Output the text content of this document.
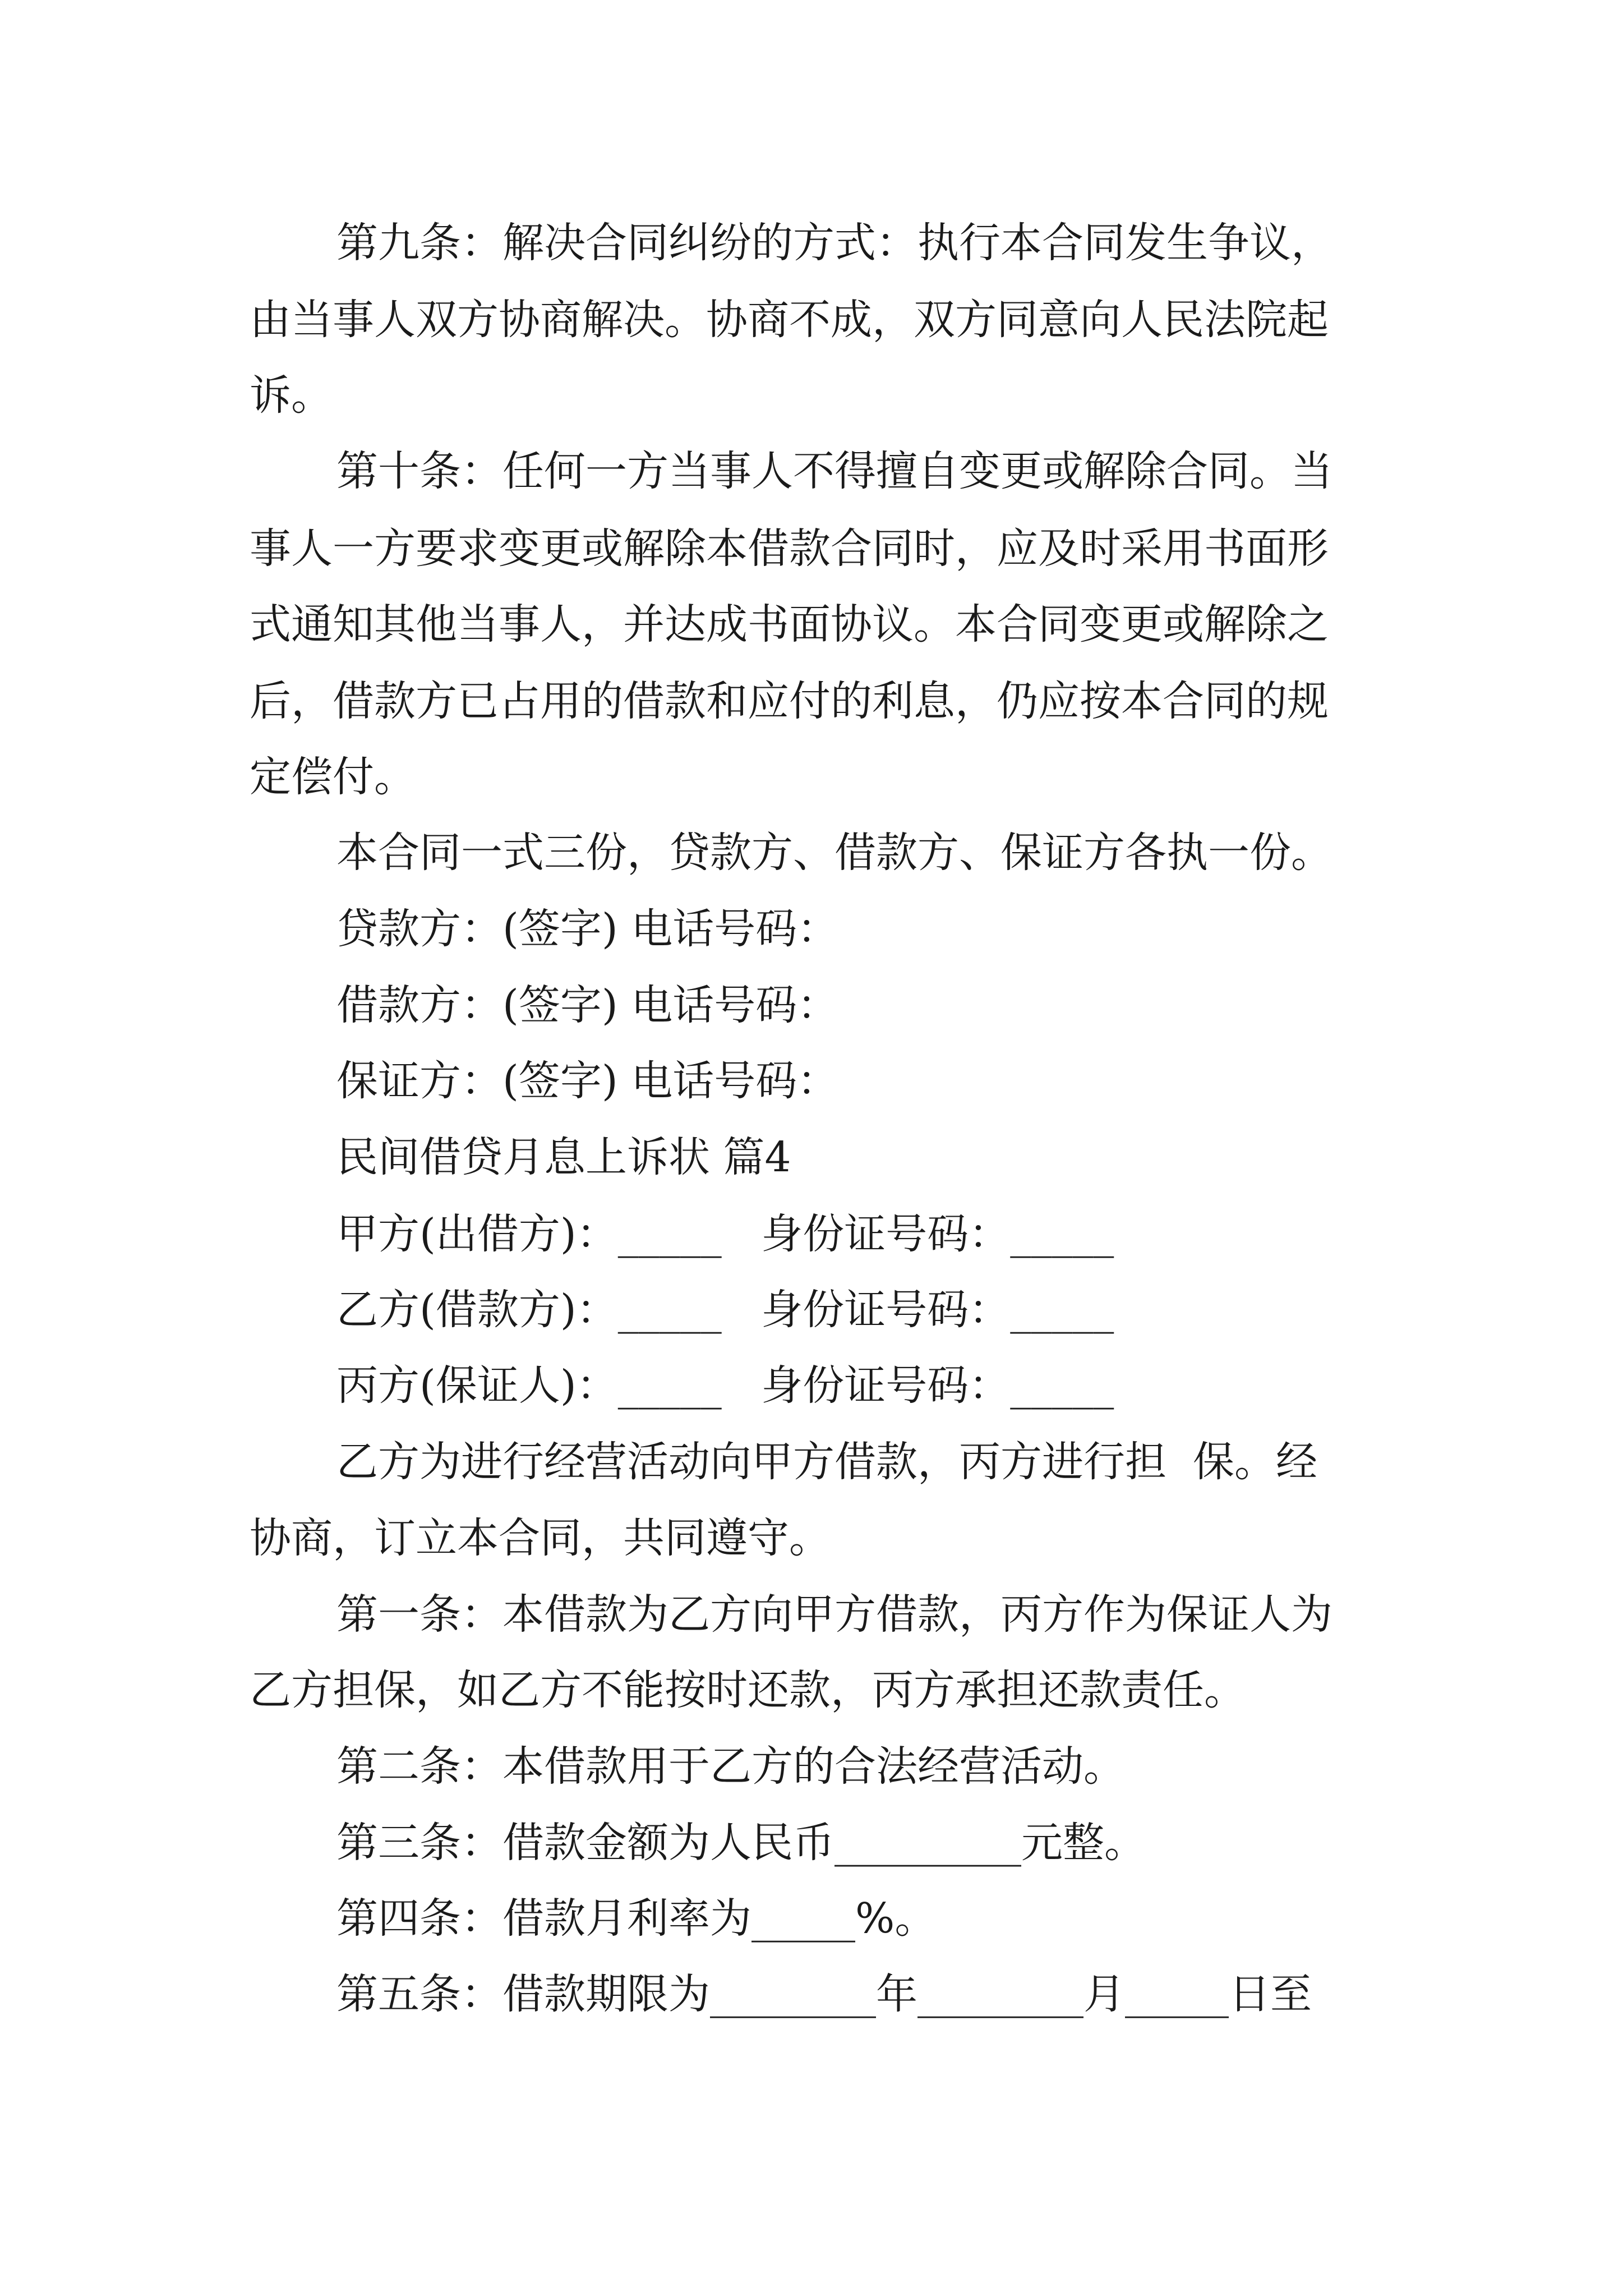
第九条：解决合同纠纷的方式：执行本合同发生争议，
由当事人双方协商解决。协商不成，双方同意向人民法院起
诉。
第十条：任何一方当事人不得擅自变更或解除合同。当
事人一方要求变更或解除本借款合同时，应及时采用书面形
式通知其他当事人，并达成书面协议。本合同变更或解除之
后，借款方已占用的借款和应付的利息，仍应按本合同的规
定偿付。
本合同一式三份，贷款方、借款方、保证方各执一份。
贷款方：(签字) 电话号码：
借款方：(签字) 电话号码：
保证方：(签字) 电话号码：
民间借贷月息上诉状 篇4
甲方(出借方)：_____   身份证号码：_____
乙方(借款方)：_____   身份证号码：_____
丙方(保证人)：_____   身份证号码：_____
乙方为进行经营活动向甲方借款，丙方进行担  保。经
协商，订立本合同，共同遵守。
第一条：本借款为乙方向甲方借款，丙方作为保证人为
乙方担保，如乙方不能按时还款，丙方承担还款责任。
第二条：本借款用于乙方的合法经营活动。
第三条：借款金额为人民币_________元整。
第四条：借款月利率为_____%。
第五条：借款期限为________年________月_____日至
